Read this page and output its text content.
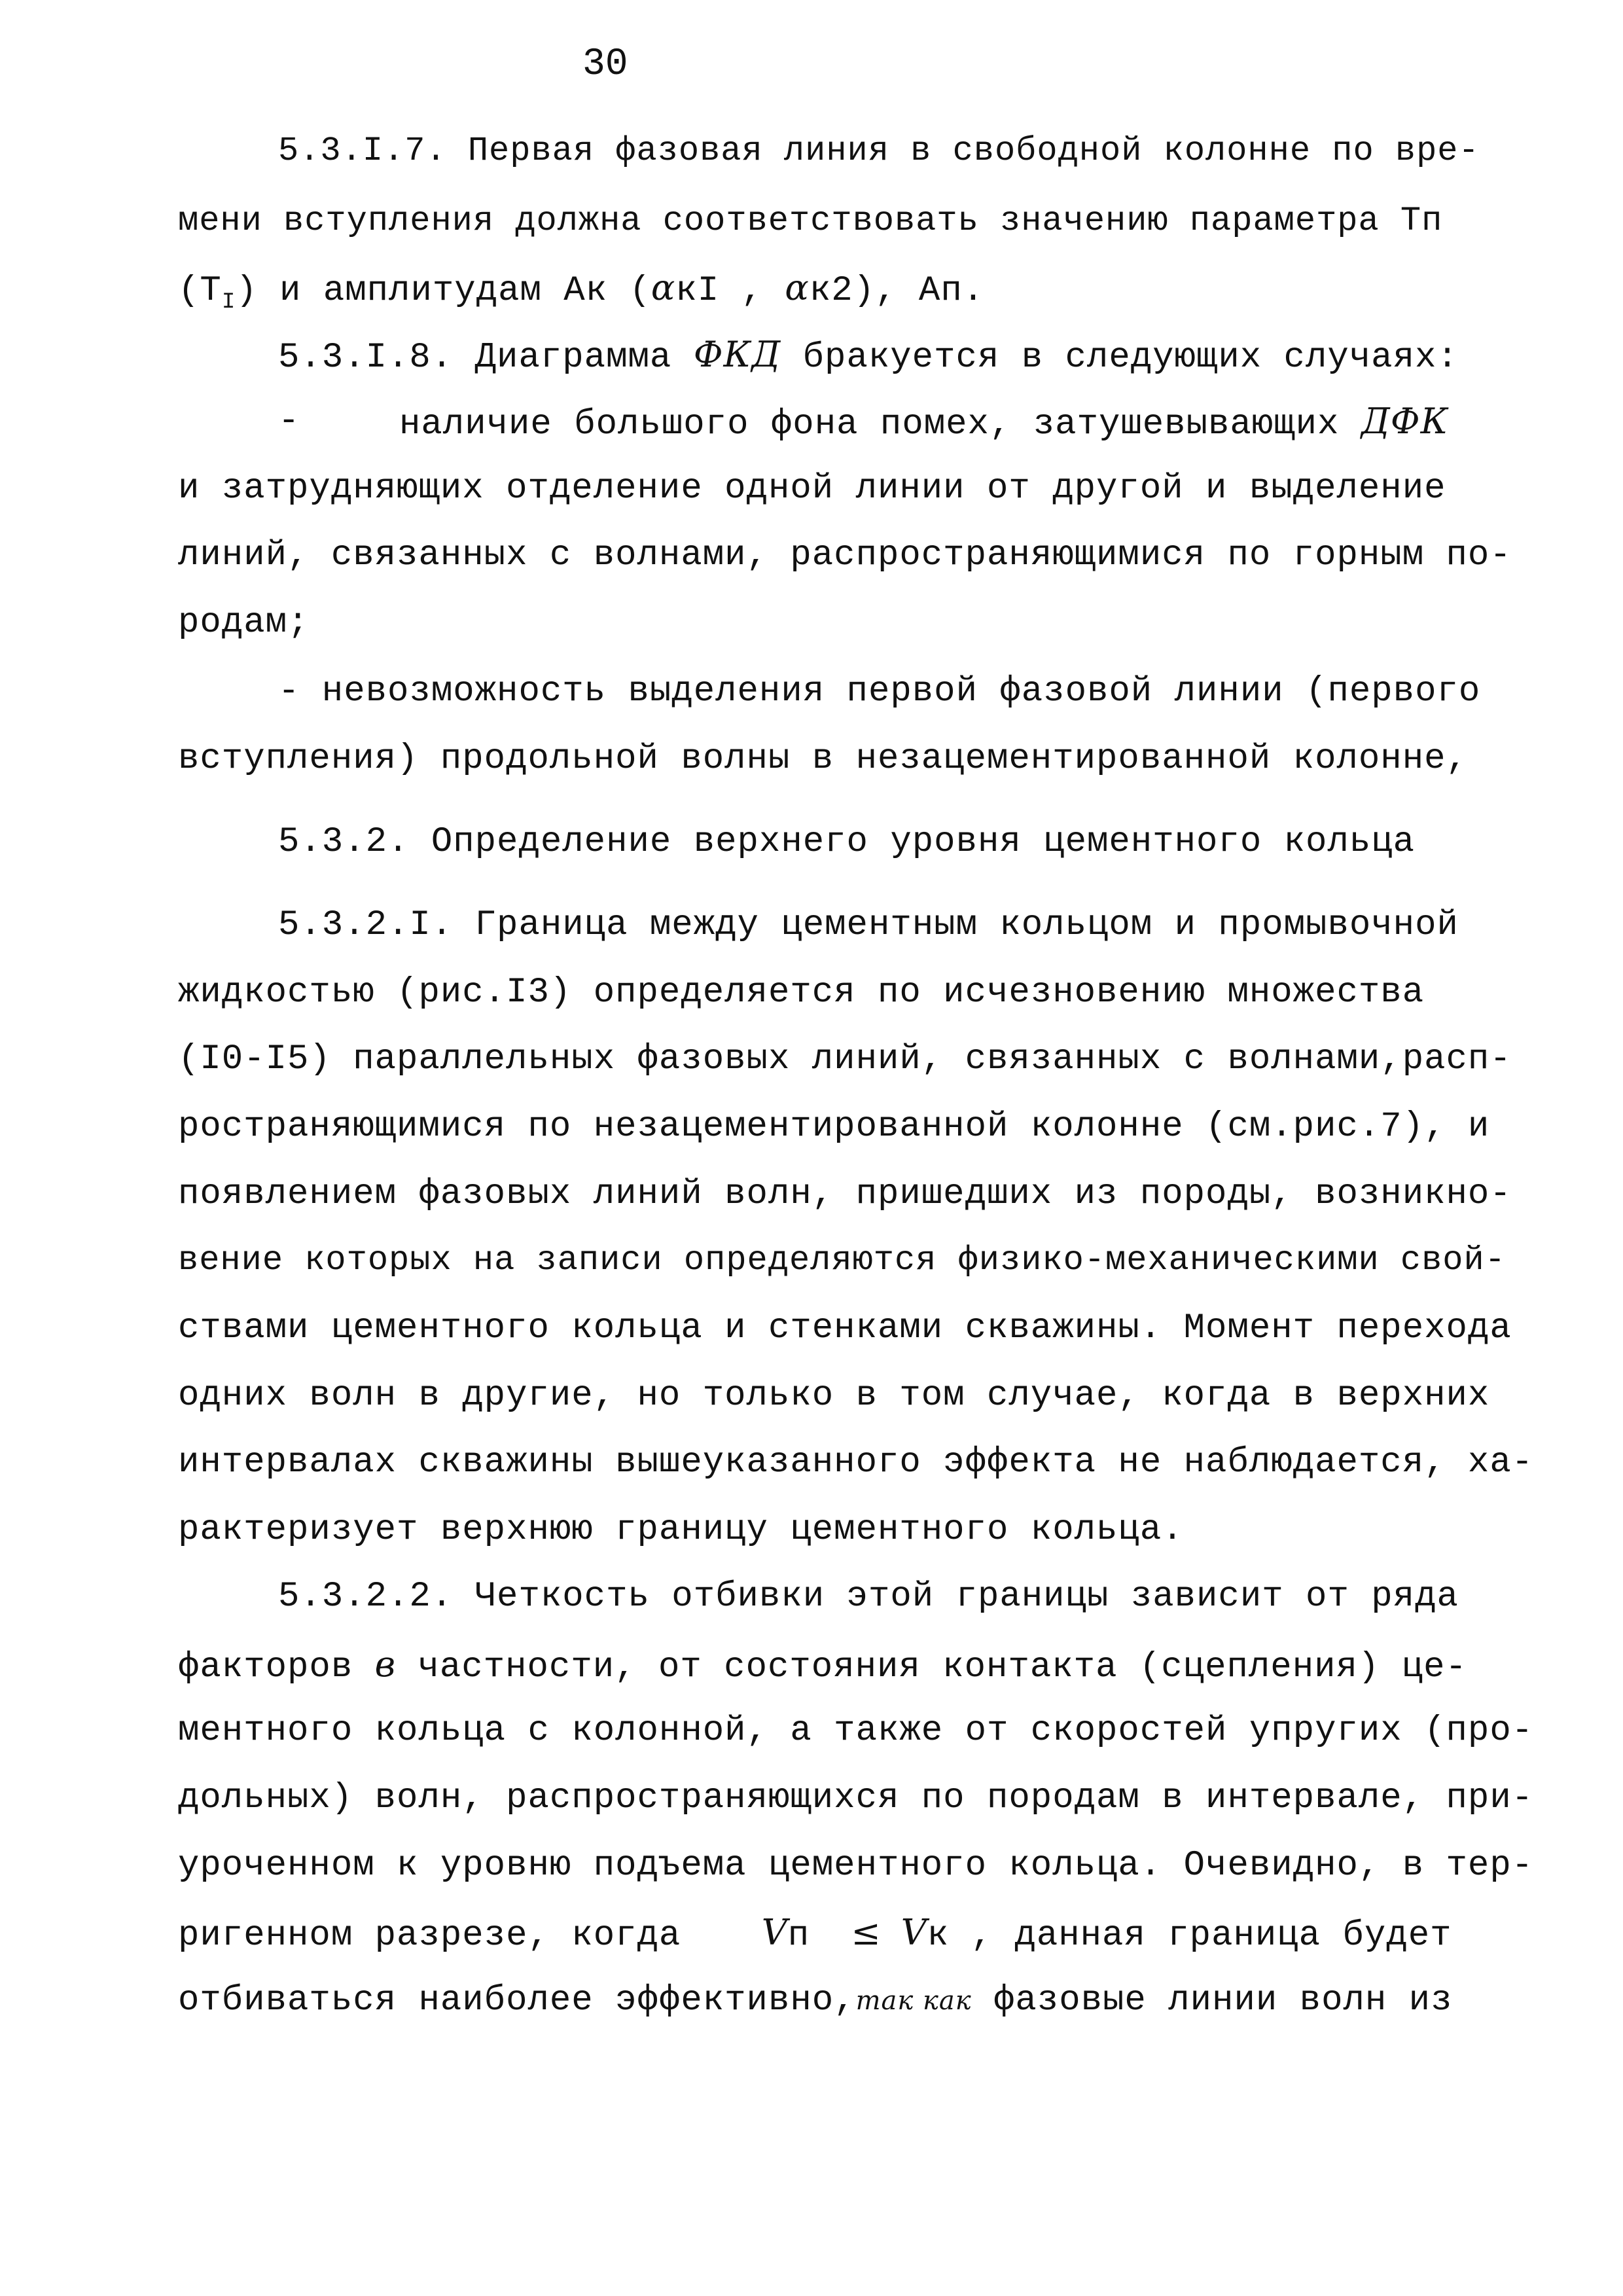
30
5.3.I.7. Первая фазовая линия в свободной колонне по вре-
мени вступления должна соответствовать значению параметра Тп
$(Т_I)$ и амплитудам Ак (αкI , αк2), Ап.
5.3.I.8. Диаграмма ФКД бракуется в следующих случаях:
-	наличие большого фона помех, затушевывающих ДФК
и затрудняющих отделение одной линии от другой и выделение
линий, связанных с волнами, распространяющимися по горным по-
родам;
- невозможность выделения первой фазовой линии (первого
вступления) продольной волны в незацементированной колонне,
5.3.2. Определение верхнего уровня цементного кольца
5.3.2.I. Граница между цементным кольцом и промывочной
жидкостью (рис.I3) определяется по исчезновению множества
(I0-I5) параллельных фазовых линий, связанных с волнами,расп-
ространяющимися по незацементированной колонне (см.рис.7), и
появлением фазовых линий волн, пришедших из породы, возникно-
вение которых на записи определяются физико-механическими свой-
ствами цементного кольца и стенками скважины. Момент перехода
одних волн в другие, но только в том случае, когда в верхних
интервалах скважины вышеуказанного эффекта не наблюдается, ха-
рактеризует верхнюю границу цементного кольца.
5.3.2.2. Четкость отбивки этой границы зависит от ряда
факторов в частности, от состояния контакта (сцепления) це-
ментного кольца с колонной, а также от скоростей упругих (про-
дольных) волн, распространяющихся по породам в интервале, при-
уроченном к уровню подъема цементного кольца. Очевидно, в тер-
ригенном разрезе, когда Vп ≤ Vк , данная граница будет
отбиваться наиболее эффективно,так как фазовые линии волн из
